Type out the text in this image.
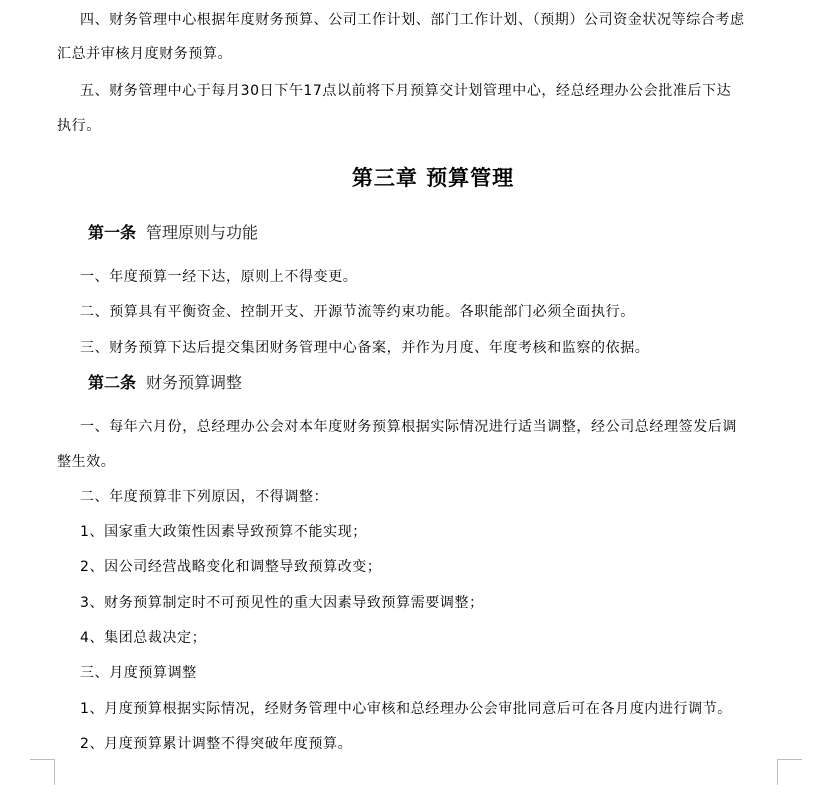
四、财务管理中心根据年度财务预算、公司工作计划、部门工作计划、（预期）公司资金状况等综合考虑
汇总并审核月度财务预算。
五、财务管理中心于每月30日下午17点以前将下月预算交计划管理中心，经总经理办公会批准后下达
执行。
第三章 预算管理
第一条 管理原则与功能
一、年度预算一经下达，原则上不得变更。
二、预算具有平衡资金、控制开支、开源节流等约束功能。各职能部门必须全面执行。
三、财务预算下达后提交集团财务管理中心备案，并作为月度、年度考核和监察的依据。
第二条 财务预算调整
一、每年六月份，总经理办公会对本年度财务预算根据实际情况进行适当调整，经公司总经理签发后调
整生效。
二、年度预算非下列原因，不得调整：
1、国家重大政策性因素导致预算不能实现；
2、因公司经营战略变化和调整导致预算改变；
3、财务预算制定时不可预见性的重大因素导致预算需要调整；
4、集团总裁决定；
三、月度预算调整
1、月度预算根据实际情况，经财务管理中心审核和总经理办公会审批同意后可在各月度内进行调节。
2、月度预算累计调整不得突破年度预算。
